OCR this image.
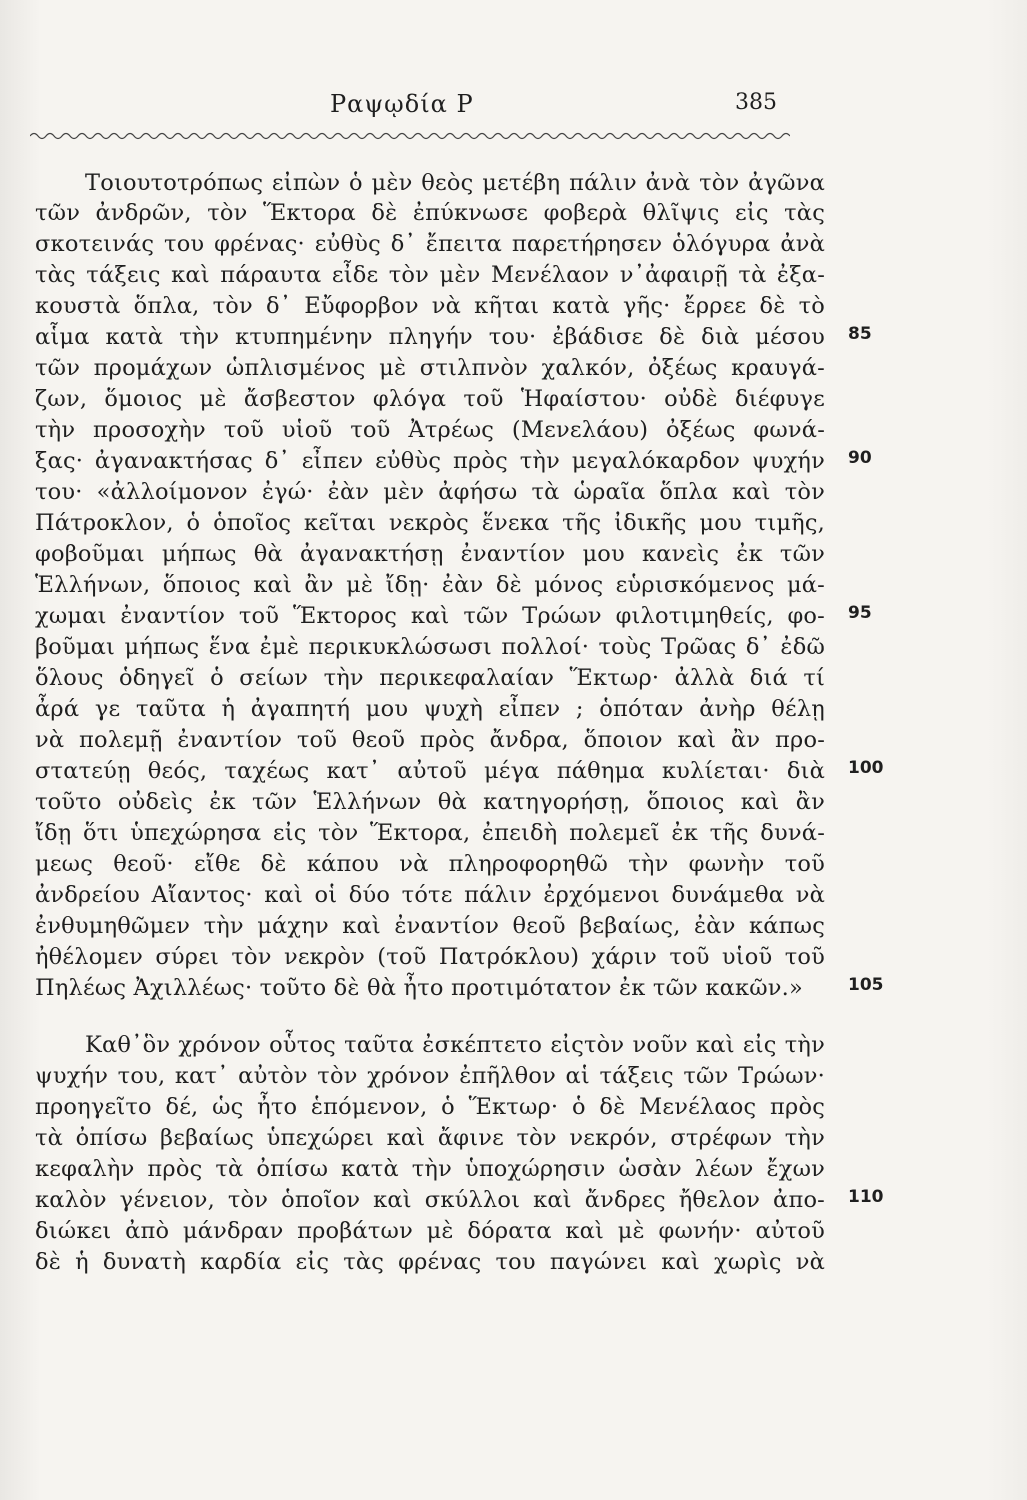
Ραψῳδία Ρ	385
Τοιουτοτρόπως εἰπὼν ὁ μὲν θεὸς μετέβη πάλιν ἀνὰ τὸν ἀγῶνα
τῶν ἀνδρῶν, τὸν Ἕκτορα δὲ ἐπύκνωσε φοβερὰ θλῖψις εἰς τὰς
σκοτεινάς του φρένας· εὐθὺς δ᾽ ἔπειτα παρετήρησεν ὁλόγυρα ἀνὰ
τὰς τάξεις καὶ πάραυτα εἶδε τὸν μὲν Μενέλαον ν᾽ἀφαιρῇ τὰ ἐξα-
κουστὰ ὅπλα, τὸν δ᾽ Εὔφορβον νὰ κῆται κατὰ γῆς· ἔρρεε δὲ τὸ
αἷμα κατὰ τὴν κτυπημένην πληγήν του· ἐβάδισε δὲ διὰ μέσου
τῶν προμάχων ὡπλισμένος μὲ στιλπνὸν χαλκόν, ὀξέως κραυγά-
ζων, ὅμοιος μὲ ἄσβεστον φλόγα τοῦ Ἡφαίστου· οὐδὲ διέφυγε
τὴν προσοχὴν τοῦ υἱοῦ τοῦ Ἀτρέως (Μενελάου) ὀξέως φωνά-
ξας· ἀγανακτήσας δ᾽ εἶπεν εὐθὺς πρὸς τὴν μεγαλόκαρδον ψυχήν
του· «ἀλλοίμονον ἐγώ· ἐὰν μὲν ἀφήσω τὰ ὡραῖα ὅπλα καὶ τὸν
Πάτροκλον, ὁ ὁποῖος κεῖται νεκρὸς ἕνεκα τῆς ἰδικῆς μου τιμῆς,
φοβοῦμαι μήπως θὰ ἀγανακτήσῃ ἐναντίον μου κανεὶς ἐκ τῶν
Ἑλλήνων, ὅποιος καὶ ἂν μὲ ἴδῃ· ἐὰν δὲ μόνος εὑρισκόμενος μά-
χωμαι ἐναντίον τοῦ Ἕκτορος καὶ τῶν Τρώων φιλοτιμηθείς, φο-
βοῦμαι μήπως ἕνα ἐμὲ περικυκλώσωσι πολλοί· τοὺς Τρῶας δ᾽ ἐδῶ
ὅλους ὁδηγεῖ ὁ σείων τὴν περικεφαλαίαν Ἕκτωρ· ἀλλὰ διά τί
ἆρά γε ταῦτα ἡ ἀγαπητή μου ψυχὴ εἶπεν ; ὁπόταν ἀνὴρ θέλῃ
νὰ πολεμῇ ἐναντίον τοῦ θεοῦ πρὸς ἄνδρα, ὅποιον καὶ ἂν προ-
στατεύῃ θεός, ταχέως κατ᾽ αὐτοῦ μέγα πάθημα κυλίεται· διὰ
τοῦτο οὐδεὶς ἐκ τῶν Ἑλλήνων θὰ κατηγορήσῃ, ὅποιος καὶ ἂν
ἴδῃ ὅτι ὑπεχώρησα εἰς τὸν Ἕκτορα, ἐπειδὴ πολεμεῖ ἐκ τῆς δυνά-
μεως θεοῦ· εἴθε δὲ κάπου νὰ πληροφορηθῶ τὴν φωνὴν τοῦ
ἀνδρείου Αἴαντος· καὶ οἱ δύο τότε πάλιν ἐρχόμενοι δυνάμεθα νὰ
ἐνθυμηθῶμεν τὴν μάχην καὶ ἐναντίον θεοῦ βεβαίως, ἐὰν κάπως
ἠθέλομεν σύρει τὸν νεκρὸν (τοῦ Πατρόκλου) χάριν τοῦ υἱοῦ τοῦ
Πηλέως Ἀχιλλέως· τοῦτο δὲ θὰ ἦτο προτιμότατον ἐκ τῶν κακῶν.»
Καθ᾽ὃν χρόνον οὗτος ταῦτα ἐσκέπτετο εἰςτὸν νοῦν καὶ εἰς τὴν
ψυχήν του, κατ᾽ αὐτὸν τὸν χρόνον ἐπῆλθον αἱ τάξεις τῶν Τρώων·
προηγεῖτο δέ, ὡς ἦτο ἑπόμενον, ὁ Ἕκτωρ· ὁ δὲ Μενέλαος πρὸς
τὰ ὀπίσω βεβαίως ὑπεχώρει καὶ ἄφινε τὸν νεκρόν, στρέφων τὴν
κεφαλὴν πρὸς τὰ ὀπίσω κατὰ τὴν ὑποχώρησιν ὡσὰν λέων ἔχων
καλὸν γένειον, τὸν ὁποῖον καὶ σκύλλοι καὶ ἄνδρες ἤθελον ἀπο-
διώκει ἀπὸ μάνδραν προβάτων μὲ δόρατα καὶ μὲ φωνήν· αὐτοῦ
δὲ ἡ δυνατὴ καρδία εἰς τὰς φρένας του παγώνει καὶ χωρὶς νὰ
85
90
95
100
105
110
